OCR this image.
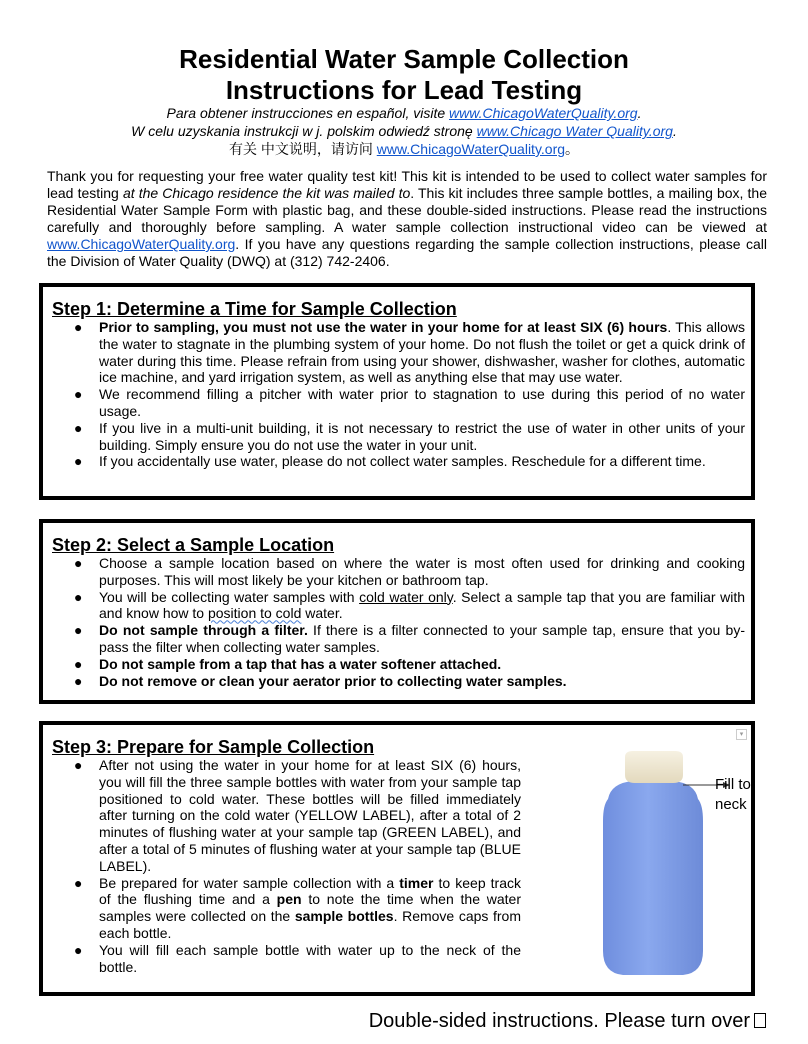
Residential Water Sample Collection
Instructions for Lead Testing
Para obtener instrucciones en español, visite www.ChicagoWaterQuality.org.
W celu uzyskania instrukcji w j. polskim odwiedź stronę www.Chicago Water Quality.org.
有关 中文说明，请访问 www.ChicagoWaterQuality.org。
Thank you for requesting your free water quality test kit! This kit is intended to be used to collect water samples for lead testing at the Chicago residence the kit was mailed to. This kit includes three sample bottles, a mailing box, the Residential Water Sample Form with plastic bag, and these double-sided instructions. Please read the instructions carefully and thoroughly before sampling. A water sample collection instructional video can be viewed at www.ChicagoWaterQuality.org. If you have any questions regarding the sample collection instructions, please call the Division of Water Quality (DWQ) at (312) 742-2406.
Step 1: Determine a Time for Sample Collection
● Prior to sampling, you must not use the water in your home for at least SIX (6) hours. This allows the water to stagnate in the plumbing system of your home. Do not flush the toilet or get a quick drink of water during this time. Please refrain from using your shower, dishwasher, washer for clothes, automatic ice machine, and yard irrigation system, as well as anything else that may use water.
● We recommend filling a pitcher with water prior to stagnation to use during this period of no water usage.
● If you live in a multi-unit building, it is not necessary to restrict the use of water in other units of your building. Simply ensure you do not use the water in your unit.
● If you accidentally use water, please do not collect water samples. Reschedule for a different time.
Step 2: Select a Sample Location
● Choose a sample location based on where the water is most often used for drinking and cooking purposes. This will most likely be your kitchen or bathroom tap.
● You will be collecting water samples with cold water only. Select a sample tap that you are familiar with and know how to position to cold water.
● Do not sample through a filter. If there is a filter connected to your sample tap, ensure that you by-pass the filter when collecting water samples.
● Do not sample from a tap that has a water softener attached.
● Do not remove or clean your aerator prior to collecting water samples.
Step 3: Prepare for Sample Collection
● After not using the water in your home for at least SIX (6) hours, you will fill the three sample bottles with water from your sample tap positioned to cold water. These bottles will be filled immediately after turning on the cold water (YELLOW LABEL), after a total of 2 minutes of flushing water at your sample tap (GREEN LABEL), and after a total of 5 minutes of flushing water at your sample tap (BLUE LABEL).
● Be prepared for water sample collection with a timer to keep track of the flushing time and a pen to note the time when the water samples were collected on the sample bottles. Remove caps from each bottle.
● You will fill each sample bottle with water up to the neck of the bottle.
Fill to
neck
▾
Double-sided instructions. Please turn over
